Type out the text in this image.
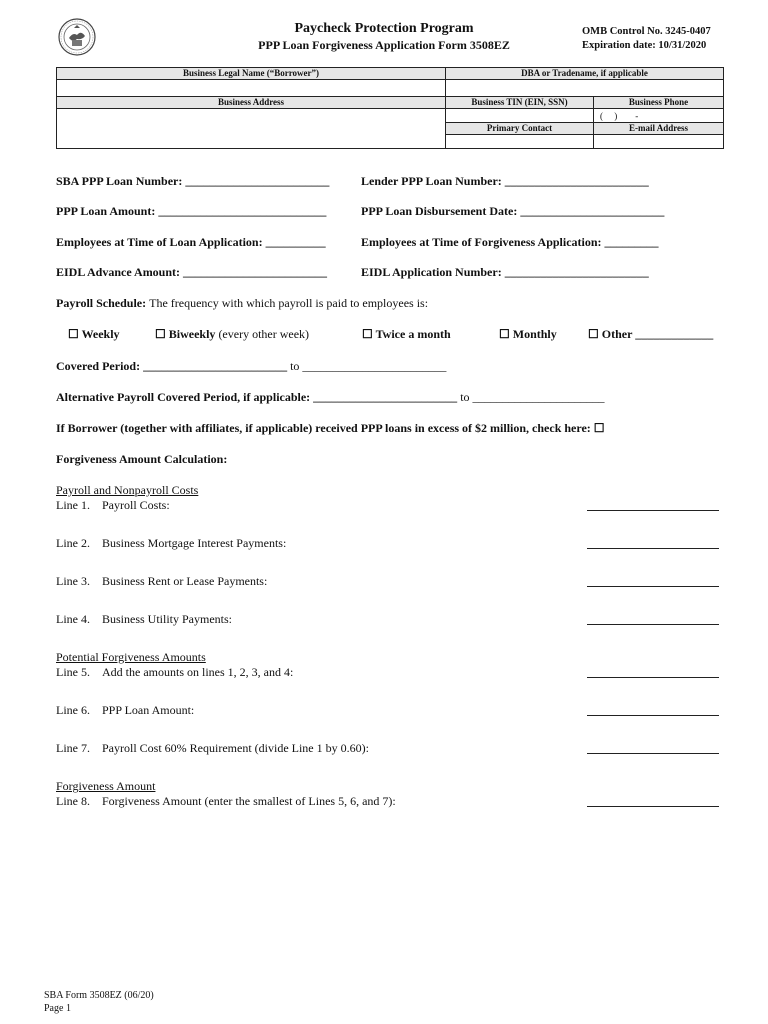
Paycheck Protection Program
PPP Loan Forgiveness Application Form 3508EZ
OMB Control No. 3245-0407
Expiration date: 10/31/2020
Business Legal Name (“Borrower”)	DBA or Tradename, if applicable	

Business Address	Business TIN (EIN, SSN)	Business Phone
		(     )        -
	Primary Contact	E-mail Address

SBA PPP Loan Number: ________________________	Lender PPP Loan Number: ________________________
PPP Loan Amount: ____________________________	PPP Loan Disbursement Date: ________________________
Employees at Time of Loan Application: __________	Employees at Time of Forgiveness Application: _________
EIDL Advance Amount: ________________________	EIDL Application Number: ________________________
Payroll Schedule: The frequency with which payroll is paid to employees is:
☐ Weekly	☐ Biweekly (every other week)	☐ Twice a month	☐ Monthly	☐ Other _____________
Covered Period: ________________________ to ________________________
Alternative Payroll Covered Period, if applicable: ________________________ to ______________________
If Borrower (together with affiliates, if applicable) received PPP loans in excess of $2 million, check here: ☐
Forgiveness Amount Calculation:
Payroll and Nonpayroll Costs
Line 1. Payroll Costs:
Line 2. Business Mortgage Interest Payments:
Line 3. Business Rent or Lease Payments:
Line 4. Business Utility Payments:
Potential Forgiveness Amounts
Line 5. Add the amounts on lines 1, 2, 3, and 4:
Line 6. PPP Loan Amount:
Line 7. Payroll Cost 60% Requirement (divide Line 1 by 0.60):
Forgiveness Amount
Line 8. Forgiveness Amount (enter the smallest of Lines 5, 6, and 7):
SBA Form 3508EZ (06/20)
Page 1
